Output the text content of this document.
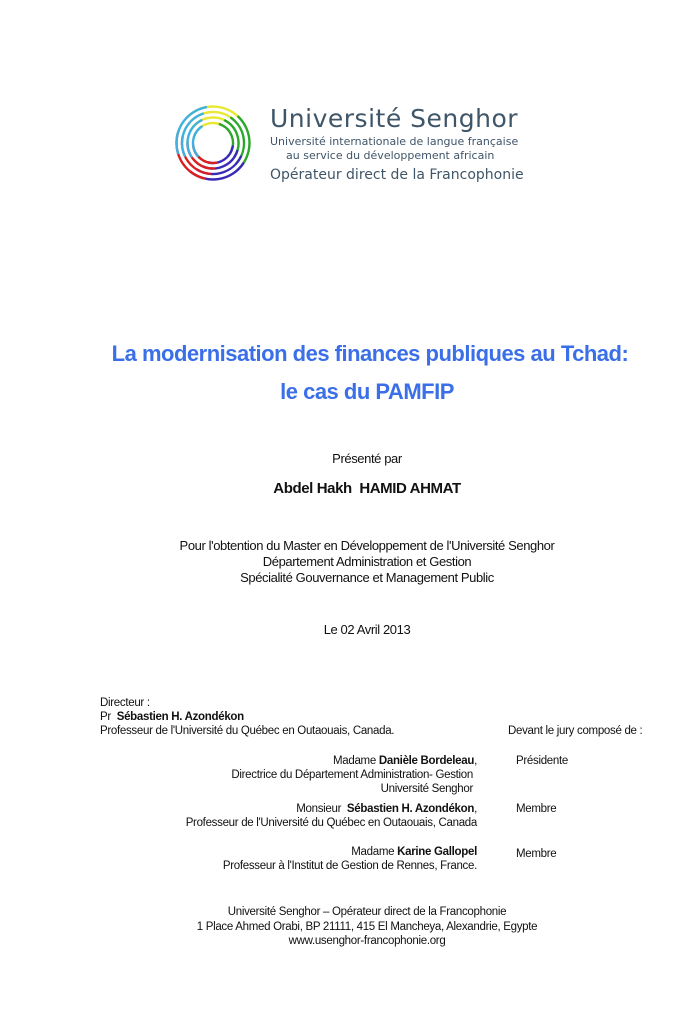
Université Senghor
Université internationale de langue française
au service du développement africain
Opérateur direct de la Francophonie
La modernisation des finances publiques au Tchad:
le cas du PAMFIP
Présenté par
Abdel Hakh  HAMID AHMAT
Pour l'obtention du Master en Développement de l'Université Senghor
Département Administration et Gestion
Spécialité Gouvernance et Management Public
Le 02 Avril 2013
Directeur :
Pr Sébastien H. Azondékon
Professeur de l'Université du Québec en Outaouais, Canada.	Devant le jury composé de :
Madame Danièle Bordeleau,
Directrice du Département Administration- Gestion
Université Senghor
Présidente
Monsieur Sébastien H. Azondékon,
Professeur de l'Université du Québec en Outaouais, Canada
Membre
Madame Karine Gallopel
Professeur à l'Institut de Gestion de Rennes, France.
Membre
Université Senghor – Opérateur direct de la Francophonie
1 Place Ahmed Orabi, BP 21111, 415 El Mancheya, Alexandrie, Egypte
www.usenghor-francophonie.org
